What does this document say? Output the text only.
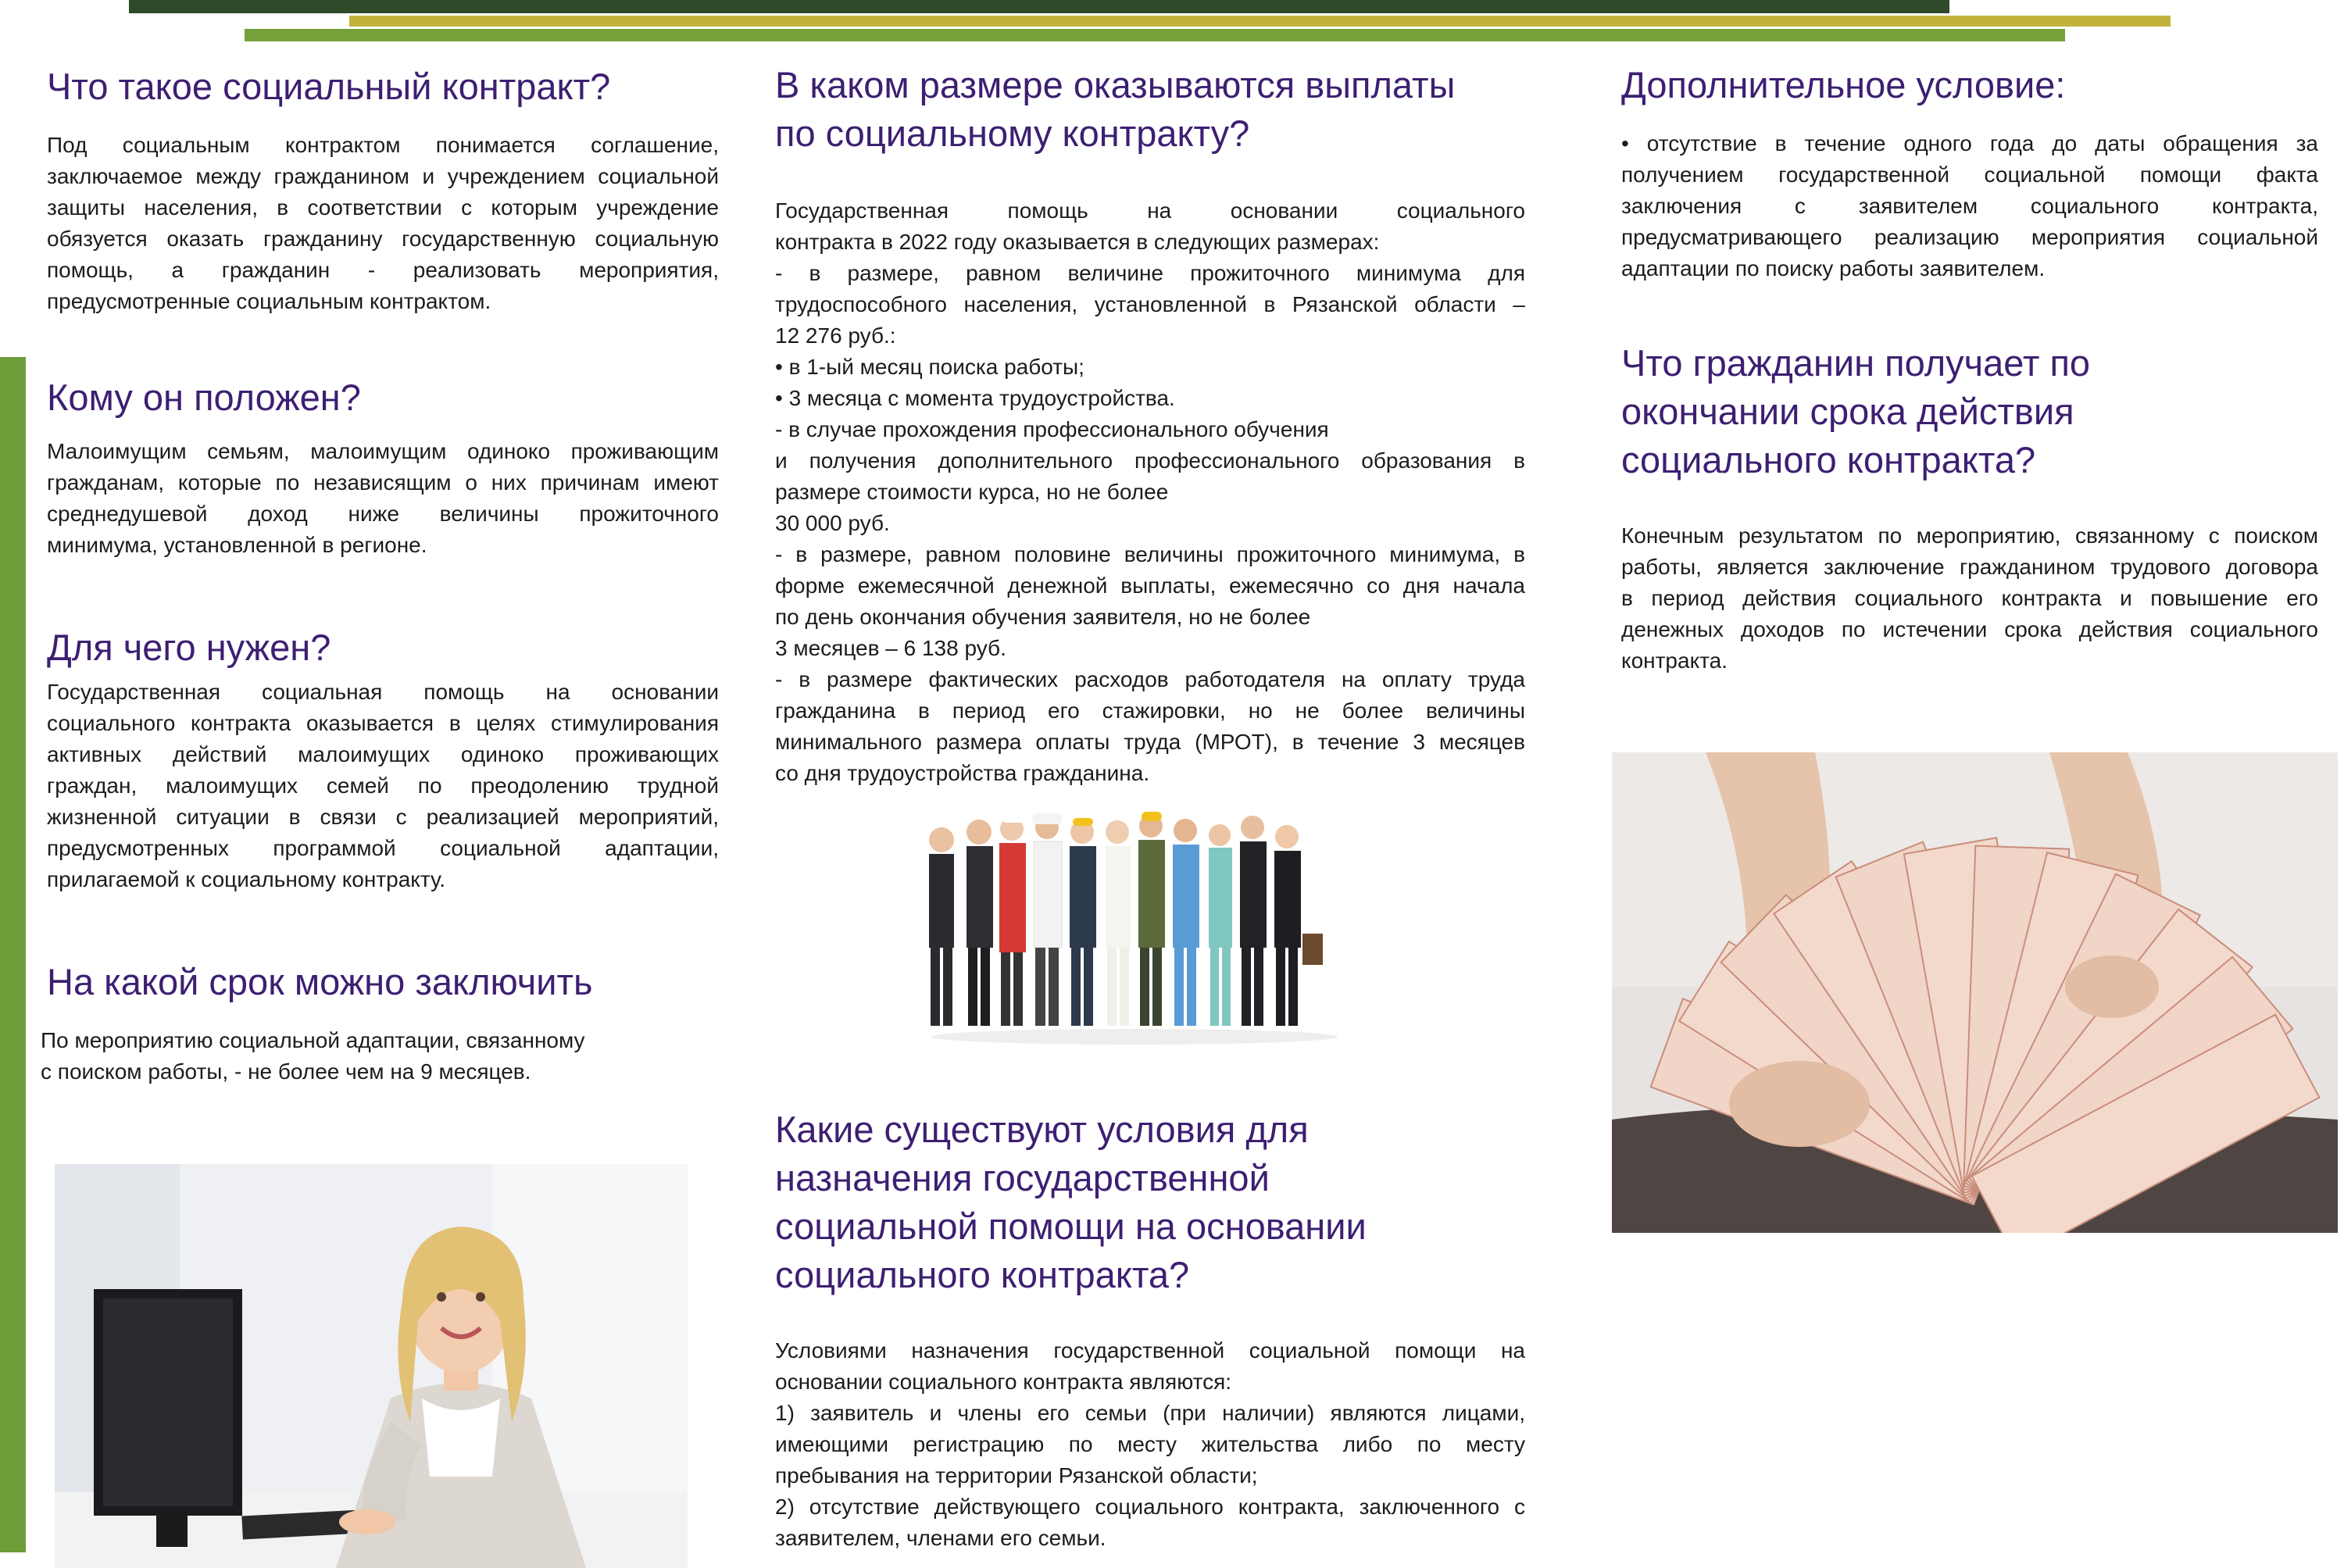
Что такое социальный контракт?

Под социальным контрактом понимается соглашение,
заключаемое между гражданином и учреждением социальной
защиты населения, в соответствии с которым учреждение
обязуется оказать гражданину государственную социальную
помощь, а гражданин - реализовать мероприятия,
предусмотренные социальным контрактом.

Кому он положен?

Малоимущим семьям, малоимущим одиноко проживающим
гражданам, которые по независящим о них причинам имеют
среднедушевой доход ниже величины прожиточного
минимума, установленной в регионе.

Для чего нужен?

Государственная социальная помощь на основании
социального контракта оказывается в целях стимулирования
активных действий малоимущих одиноко проживающих
граждан, малоимущих семей по преодолению трудной
жизненной ситуации в связи с реализацией мероприятий,
предусмотренных программой социальной адаптации,
прилагаемой к социальному контракту.

На какой срок можно заключить

По мероприятию социальной адаптации, связанному
с поиском работы, - не более чем на 9 месяцев.

В каком размере оказываются выплаты
по социальному контракту?

Государственная помощь на основании социального
контракта в 2022 году оказывается в следующих размерах:
- в размере, равном величине прожиточного минимума для
трудоспособного населения, установленной в Рязанской области –
12 276 руб.:
• в 1-ый месяц поиска работы;
• 3 месяца с момента трудоустройства.
- в случае прохождения профессионального обучения
и получения дополнительного профессионального образования в
размере стоимости курса, но не более
30 000 руб.
- в размере, равном половине величины прожиточного минимума, в
форме ежемесячной денежной выплаты, ежемесячно со дня начала
по день окончания обучения заявителя, но не более
3 месяцев – 6 138 руб.
- в размере фактических расходов работодателя на оплату труда
гражданина в период его стажировки, но не более величины
минимального размера оплаты труда (МРОТ), в течение 3 месяцев
со дня трудоустройства гражданина.

Какие существуют условия для
назначения государственной
социальной помощи на основании
социального контракта?

Условиями назначения государственной социальной помощи на
основании социального контракта являются:
1) заявитель и члены его семьи (при наличии) являются лицами,
имеющими регистрацию по месту жительства либо по месту
пребывания на территории Рязанской области;
2) отсутствие действующего социального контракта, заключенного с
заявителем, членами его семьи.

Дополнительное условие:

• отсутствие в течение одного года до даты обращения за
получением государственной социальной помощи факта
заключения с заявителем социального контракта,
предусматривающего реализацию мероприятия социальной
адаптации по поиску работы заявителем.

Что гражданин получает по
окончании срока действия
социального контракта?

Конечным результатом по мероприятию, связанному с поиском
работы, является заключение гражданином трудового договора
в период действия социального контракта и повышение его
денежных доходов по истечении срока действия социального
контракта.
